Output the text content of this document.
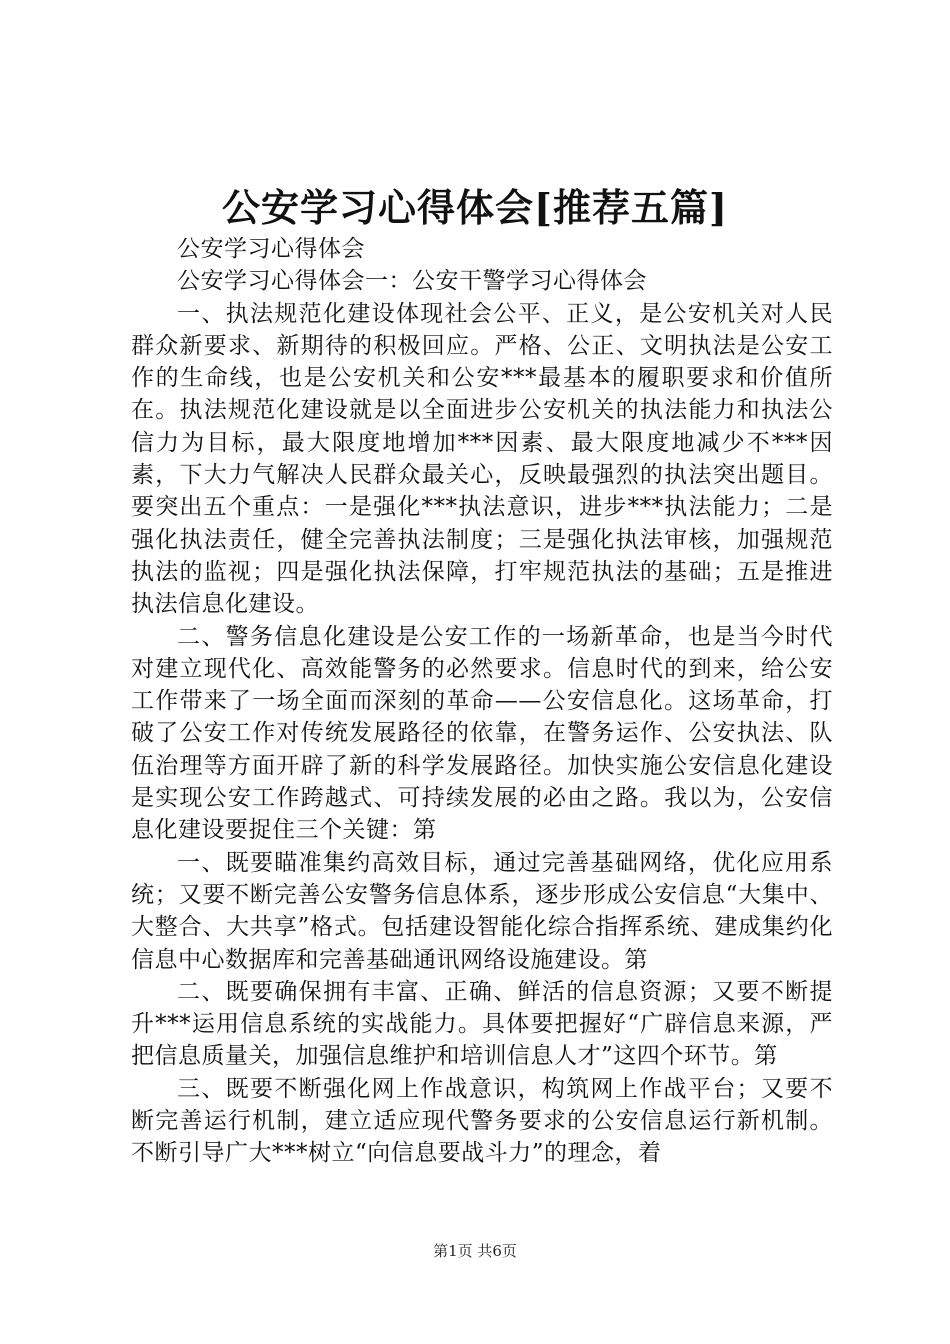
公安学习心得体会[推荐五篇]

公安学习心得体会

公安学习心得体会一：公安干警学习心得体会

一、执法规范化建设体现社会公平、正义，是公安机关对人民群众新要求、新期待的积极回应。严格、公正、文明执法是公安工作的生命线，也是公安机关和公安***最基本的履职要求和价值所在。执法规范化建设就是以全面进步公安机关的执法能力和执法公信力为目标，最大限度地增加***因素、最大限度地减少不***因素，下大力气解决人民群众最关心，反映最强烈的执法突出题目。要突出五个重点：一是强化***执法意识，进步***执法能力；二是强化执法责任，健全完善执法制度；三是强化执法审核，加强规范执法的监视；四是强化执法保障，打牢规范执法的基础；五是推进执法信息化建设。

二、警务信息化建设是公安工作的一场新革命，也是当今时代对建立现代化、高效能警务的必然要求。信息时代的到来，给公安工作带来了一场全面而深刻的革命——公安信息化。这场革命，打破了公安工作对传统发展路径的依靠，在警务运作、公安执法、队伍治理等方面开辟了新的科学发展路径。加快实施公安信息化建设是实现公安工作跨越式、可持续发展的必由之路。我以为，公安信息化建设要捉住三个关键：第

一、既要瞄准集约高效目标，通过完善基础网络，优化应用系统；又要不断完善公安警务信息体系，逐步形成公安信息“大集中、大整合、大共享”格式。包括建设智能化综合指挥系统、建成集约化信息中心数据库和完善基础通讯网络设施建设。第

二、既要确保拥有丰富、正确、鲜活的信息资源；又要不断提升***运用信息系统的实战能力。具体要把握好“广辟信息来源，严把信息质量关，加强信息维护和培训信息人才”这四个环节。第

三、既要不断强化网上作战意识，构筑网上作战平台；又要不断完善运行机制，建立适应现代警务要求的公安信息运行新机制。不断引导广大***树立“向信息要战斗力”的理念，着

第1页 共6页
